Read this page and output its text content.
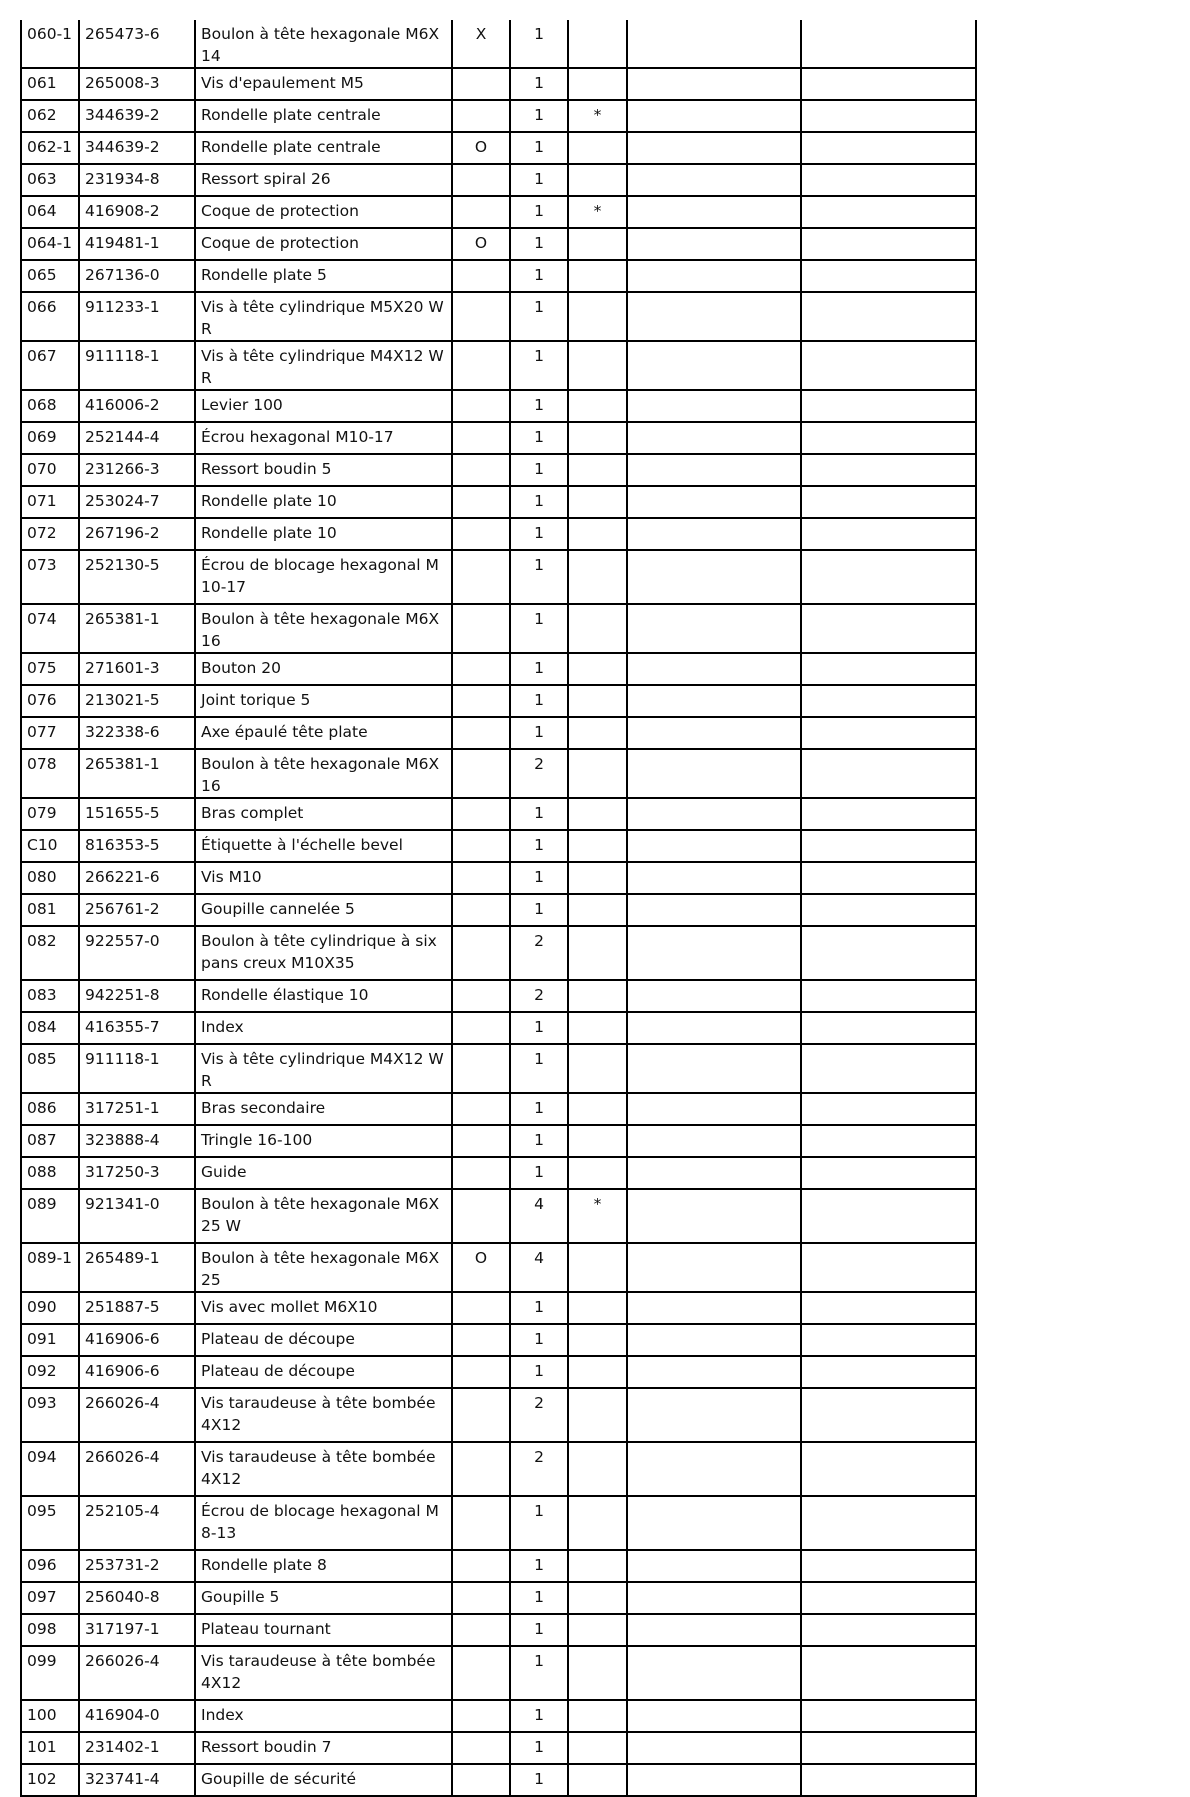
060-1	265473-6	Boulon à tête hexagonale M6X14	X	1			
061	265008-3	Vis d'epaulement M5		1			
062	344639-2	Rondelle plate centrale		1	*		
062-1	344639-2	Rondelle plate centrale	O	1			
063	231934-8	Ressort spiral 26		1			
064	416908-2	Coque de protection		1	*		
064-1	419481-1	Coque de protection	O	1			
065	267136-0	Rondelle plate 5		1			
066	911233-1	Vis à tête cylindrique M5X20 WR		1			
067	911118-1	Vis à tête cylindrique M4X12 WR		1			
068	416006-2	Levier 100		1			
069	252144-4	Écrou hexagonal M10-17		1			
070	231266-3	Ressort boudin 5		1			
071	253024-7	Rondelle plate 10		1			
072	267196-2	Rondelle plate 10		1			
073	252130-5	Écrou de blocage hexagonal M10-17		1			
074	265381-1	Boulon à tête hexagonale M6X16		1			
075	271601-3	Bouton 20		1			
076	213021-5	Joint torique 5		1			
077	322338-6	Axe épaulé tête plate		1			
078	265381-1	Boulon à tête hexagonale M6X16		2			
079	151655-5	Bras complet		1			
C10	816353-5	Étiquette à l'échelle bevel		1			
080	266221-6	Vis M10		1			
081	256761-2	Goupille cannelée 5		1			
082	922557-0	Boulon à tête cylindrique à six pans creux M10X35		2			
083	942251-8	Rondelle élastique 10		2			
084	416355-7	Index		1			
085	911118-1	Vis à tête cylindrique M4X12 WR		1			
086	317251-1	Bras secondaire		1			
087	323888-4	Tringle 16-100		1			
088	317250-3	Guide		1			
089	921341-0	Boulon à tête hexagonale M6X25 W		4	*		
089-1	265489-1	Boulon à tête hexagonale M6X25	O	4			
090	251887-5	Vis avec mollet M6X10		1			
091	416906-6	Plateau de découpe		1			
092	416906-6	Plateau de découpe		1			
093	266026-4	Vis taraudeuse à tête bombée 4X12		2			
094	266026-4	Vis taraudeuse à tête bombée 4X12		2			
095	252105-4	Écrou de blocage hexagonal M8-13		1			
096	253731-2	Rondelle plate 8		1			
097	256040-8	Goupille 5		1			
098	317197-1	Plateau tournant		1			
099	266026-4	Vis taraudeuse à tête bombée 4X12		1			
100	416904-0	Index		1			
101	231402-1	Ressort boudin 7		1			
102	323741-4	Goupille de sécurité		1			
